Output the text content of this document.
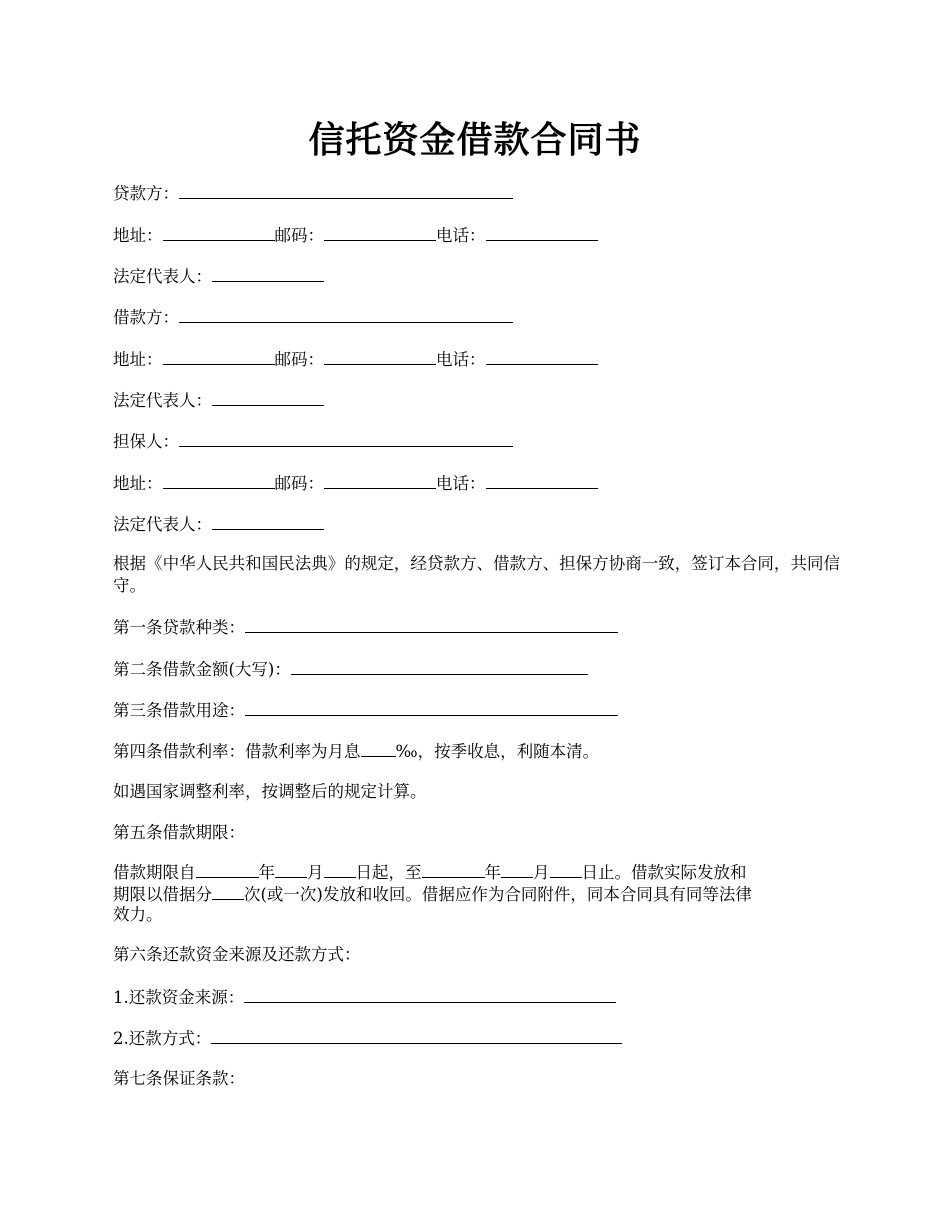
信托资金借款合同书

贷款方：

地址：	邮码：	电话：

法定代表人：

借款方：

地址：	邮码：	电话：

法定代表人：

担保人：

地址：	邮码：	电话：

法定代表人：

根据《中华人民共和国民法典》的规定，经贷款方、借款方、担保方协商一致，签订本合同，共同信守。

第一条贷款种类：

第二条借款金额(大写)：

第三条借款用途：

第四条借款利率：借款利率为月息 ‰，按季收息，利随本清。

如遇国家调整利率，按调整后的规定计算。

第五条借款期限：

借款期限自	年 月 日起，至	年 月 日止。借款实际发放和

期限以借据分 次(或一次)发放和收回。借据应作为合同附件，同本合同具有同等法律

效力。

第六条还款资金来源及还款方式：

1.还款资金来源：

2.还款方式：

第七条保证条款：
